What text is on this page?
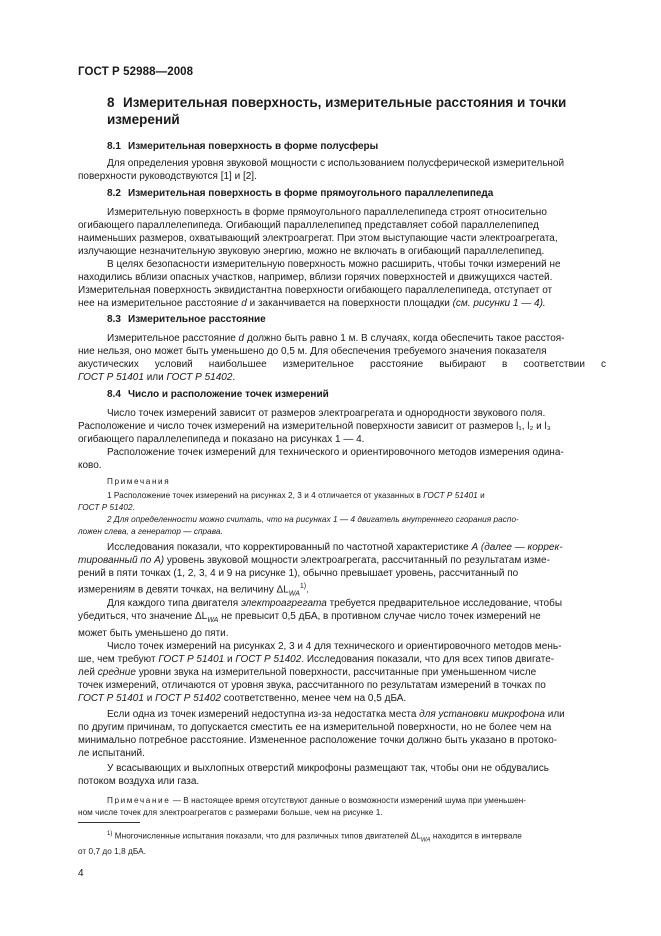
ГОСТ Р 52988—2008
8 Измерительная поверхность, измерительные расстояния и точки
измерений
8.1 Измерительная поверхность в форме полусферы
Для определения уровня звуковой мощности с использованием полусферической измерительной
поверхности руководствуются [1] и [2].
8.2 Измерительная поверхность в форме прямоугольного параллелепипеда
Измерительную поверхность в форме прямоугольного параллелепипеда строят относительно
огибающего параллелепипеда. Огибающий параллелепипед представляет собой параллелепипед
наименьших размеров, охватывающий электроагрегат. При этом выступающие части электроагрегата,
излучающие незначительную звуковую энергию, можно не включать в огибающий параллелепипед.
В целях безопасности измерительную поверхность можно расширить, чтобы точки измерений не
находились вблизи опасных участков, например, вблизи горячих поверхностей и движущихся частей.
Измерительная поверхность эквидистантна поверхности огибающего параллелепипеда, отступает от
нее на измерительное расстояние d и заканчивается на поверхности площадки (см. рисунки 1 — 4).
8.3 Измерительное расстояние
Измерительное расстояние d должно быть равно 1 м. В случаях, когда обеспечить такое расстоя-
ние нельзя, оно может быть уменьшено до 0,5 м. Для обеспечения требуемого значения показателя
акустических условий наибольшее измерительное расстояние выбирают в соответствии с
ГОСТ Р 51401 или ГОСТ Р 51402.
8.4 Число и расположение точек измерений
Число точек измерений зависит от размеров электроагрегата и однородности звукового поля.
Расположение и число точек измерений на измерительной поверхности зависит от размеров l₁, l₂ и l₃
огибающего параллелепипеда и показано на рисунках 1 — 4.
Расположение точек измерений для технического и ориентировочного методов измерения одина-
ково.
Примечания
1 Расположение точек измерений на рисунках 2, 3 и 4 отличается от указанных в ГОСТ Р 51401 и
ГОСТ Р 51402.
2 Для определенности можно считать, что на рисунках 1 — 4 двигатель внутреннего сгорания распо-
ложен слева, а генератор — справа.
Исследования показали, что корректированный по частотной характеристике А (далее — коррек-
тированный по А) уровень звуковой мощности электроагрегата, рассчитанный по результатам изме-
рений в пяти точках (1, 2, 3, 4 и 9 на рисунке 1), обычно превышает уровень, рассчитанный по
измерениям в девяти точках, на величину $\Delta L_{WA}^{1)}$.
Для каждого типа двигателя электроагрегата требуется предварительное исследование, чтобы
убедиться, что значение $\Delta L_{WA}$ не превысит 0,5 дБА, в противном случае число точек измерений не
может быть уменьшено до пяти.
Число точек измерений на рисунках 2, 3 и 4 для технического и ориентировочного методов мень-
ше, чем требуют ГОСТ Р 51401 и ГОСТ Р 51402. Исследования показали, что для всех типов двигате-
лей средние уровни звука на измерительной поверхности, рассчитанные при уменьшенном числе
точек измерений, отличаются от уровня звука, рассчитанного по результатам измерений в точках по
ГОСТ Р 51401 и ГОСТ Р 51402 соответственно, менее чем на 0,5 дБА.
Если одна из точек измерений недоступна из-за недостатка места для установки микрофона или
по другим причинам, то допускается сместить ее на измерительной поверхности, но не более чем на
минимально потребное расстояние. Измененное расположение точки должно быть указано в протоко-
ле испытаний.
У всасывающих и выхлопных отверстий микрофоны размещают так, чтобы они не обдувались
потоком воздуха или газа.
Примечание — В настоящее время отсутствуют данные о возможности измерений шума при уменьшен-
ном числе точек для электроагрегатов с размерами больше, чем на рисунке 1.
$^{1)}$ Многочисленные испытания показали, что для различных типов двигателей $\Delta L_{WA}$ находится в интервале
от 0,7 до 1,8 дБА.
4
